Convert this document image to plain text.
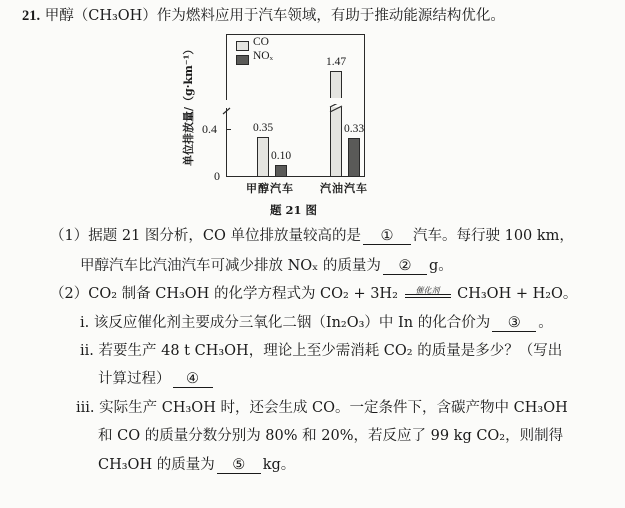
21. 甲醇（CH₃OH）作为燃料应用于汽车领域，有助于推动能源结构优化。
0.4
0
单位排放量/（g·km⁻¹）
CO
NOₓ
0.35
0.10
1.47
0.33
甲醇汽车 汽油汽车
题 21 图
（1）据题 21 图分析，CO 单位排放量较高的是 ① 汽车。每行驶 100 km，
甲醇汽车比汽油汽车可减少排放 NOₓ 的质量为 ② g。
（2）CO₂ 制备 CH₃OH 的化学方程式为 CO₂ + 3H₂	催化剂	CH₃OH + H₂O。
i. 该反应催化剂主要成分三氧化二铟（In₂O₃）中 In 的化合价为 ③ 。
ii. 若要生产 48 t CH₃OH，理论上至少需消耗 CO₂ 的质量是多少？（写出
计算过程） ④
iii. 实际生产 CH₃OH 时，还会生成 CO。一定条件下，含碳产物中 CH₃OH
和 CO 的质量分数分别为 80% 和 20%，若反应了 99 kg CO₂，则制得
CH₃OH 的质量为 ⑤ kg。
